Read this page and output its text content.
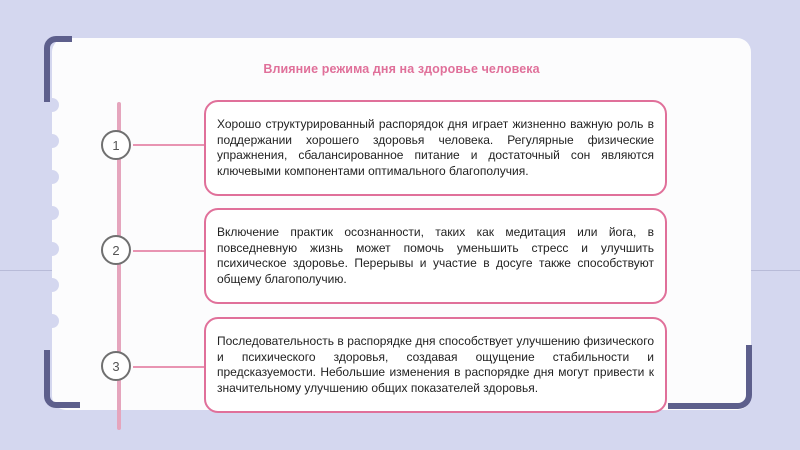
Влияние режима дня на здоровье человека
1
2
3

Хорошо структурированный распорядок дня играет жизненно важную роль в поддержании хорошего здоровья человека. Регулярные физические упражнения, сбалансированное питание и достаточный сон являются ключевыми компонентами оптимального благополучия.

Включение практик осознанности, таких как медитация или йога, в повседневную жизнь может помочь уменьшить стресс и улучшить психическое здоровье. Перерывы и участие в досуге также способствуют общему благополучию.

Последовательность в распорядке дня способствует улучшению физического и психического здоровья, создавая ощущение стабильности и предсказуемости. Небольшие изменения в распорядке дня могут привести к значительному улучшению общих показателей здоровья.
